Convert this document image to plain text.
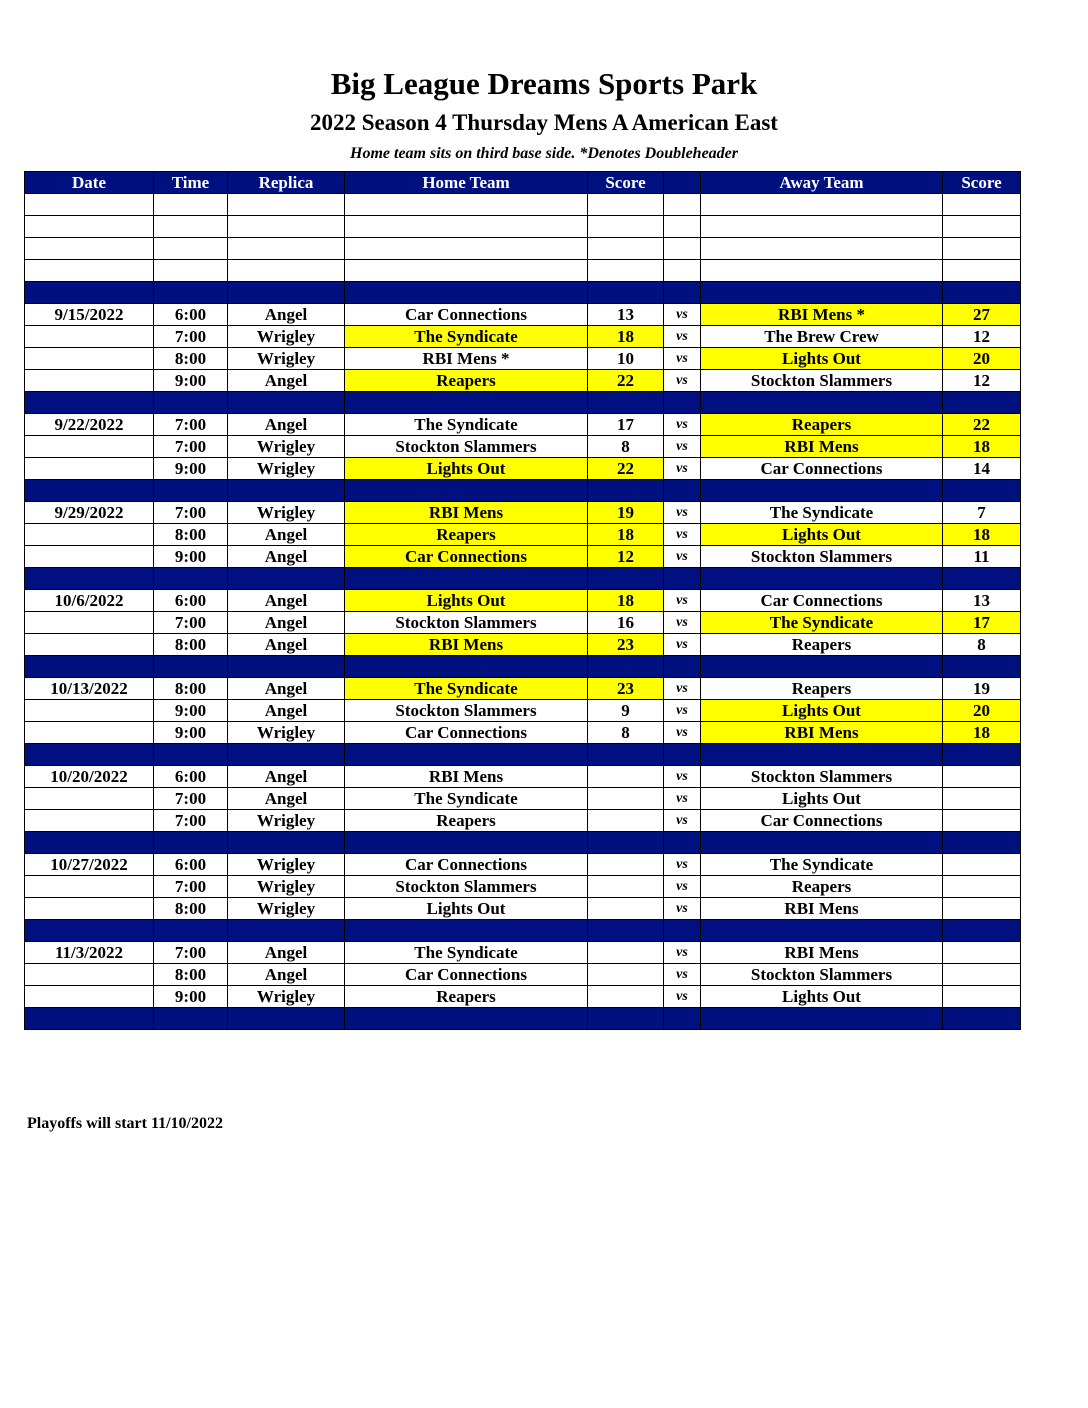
Big League Dreams Sports Park
2022 Season 4 Thursday Mens A American East
Home team sits on third base side. *Denotes Doubleheader
Date	Time	Replica	Home Team	Score		Away Team	Score

9/15/2022	6:00	Angel	Car Connections	13	vs	RBI Mens *	27
	7:00	Wrigley	The Syndicate	18	vs	The Brew Crew	12
	8:00	Wrigley	RBI Mens *	10	vs	Lights Out	20
	9:00	Angel	Reapers	22	vs	Stockton Slammers	12

9/22/2022	7:00	Angel	The Syndicate	17	vs	Reapers	22
	7:00	Wrigley	Stockton Slammers	8	vs	RBI Mens	18
	9:00	Wrigley	Lights Out	22	vs	Car Connections	14

9/29/2022	7:00	Wrigley	RBI Mens	19	vs	The Syndicate	7
	8:00	Angel	Reapers	18	vs	Lights Out	18
	9:00	Angel	Car Connections	12	vs	Stockton Slammers	11

10/6/2022	6:00	Angel	Lights Out	18	vs	Car Connections	13
	7:00	Angel	Stockton Slammers	16	vs	The Syndicate	17
	8:00	Angel	RBI Mens	23	vs	Reapers	8

10/13/2022	8:00	Angel	The Syndicate	23	vs	Reapers	19
	9:00	Angel	Stockton Slammers	9	vs	Lights Out	20
	9:00	Wrigley	Car Connections	8	vs	RBI Mens	18

10/20/2022	6:00	Angel	RBI Mens		vs	Stockton Slammers	
	7:00	Angel	The Syndicate		vs	Lights Out	
	7:00	Wrigley	Reapers		vs	Car Connections	

10/27/2022	6:00	Wrigley	Car Connections		vs	The Syndicate	
	7:00	Wrigley	Stockton Slammers		vs	Reapers	
	8:00	Wrigley	Lights Out		vs	RBI Mens	

11/3/2022	7:00	Angel	The Syndicate		vs	RBI Mens	
	8:00	Angel	Car Connections		vs	Stockton Slammers	
	9:00	Wrigley	Reapers		vs	Lights Out	

Playoffs will start 11/10/2022
